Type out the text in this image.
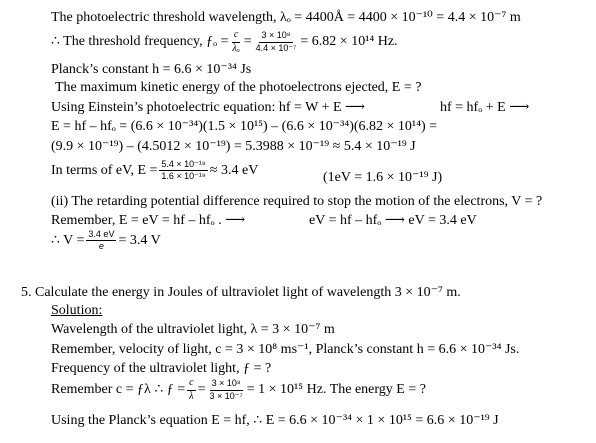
The photoelectric threshold wavelength, λₒ = 4400Å = 4400 × 10⁻¹⁰ = 4.4 × 10⁻⁷ m
∴ The threshold frequency, ƒₒ = $\frac{c}{\text{λₒ}} = \frac{\text{3 × 10⁸}}{\text{4.4 × 10⁻⁷}} = 6.82 \times 10^{14}$ Hz.
Planck’s constant h = 6.6 × 10⁻³⁴ Js
The maximum kinetic energy of the photoelectrons ejected, E = ?
Using Einstein’s photoelectric equation: hf = W + E ⟶	hf = hfₒ + E ⟶
E = hf – hfₒ = (6.6 × 10⁻³⁴)(1.5 × 10¹⁵) – (6.6 × 10⁻³⁴)(6.82 × 10¹⁴) =
(9.9 × 10⁻¹⁹) – (4.5012 × 10⁻¹⁹) = 5.3988 × 10⁻¹⁹ ≈ 5.4 × 10⁻¹⁹ J
In terms of eV, $E = \frac{\text{5.4 × 10⁻¹⁹}}{\text{1.6 × 10⁻¹⁹}} \approx 3.4$ eV	(1eV = 1.6 × 10⁻¹⁹ J)
(ii) The retarding potential difference required to stop the motion of the electrons, V = ?
Remember, E = eV = hf – hfₒ . ⟶	eV = hf – hfₒ ⟶ eV = 3.4 eV
∴ $V = \frac{3.4 eV}{e} = 3.4$ V
5. Calculate the energy in Joules of ultraviolet light of wavelength 3 × 10⁻⁷ m.
Solution:
Wavelength of the ultraviolet light, λ = 3 × 10⁻⁷ m
Remember, velocity of light, c = 3 × 10⁸ ms⁻¹, Planck’s constant h = 6.6 × 10⁻³⁴ Js.
Frequency of the ultraviolet light, ƒ = ?
Remember c = ƒλ ∴ ƒ = $\frac{c}{\lambda} = \frac{\text{3 × 10⁸}}{\text{3 × 10⁻⁷}} = 1 \times 10^{15}$ Hz. The energy E = ?
Using the Planck’s equation E = hf, ∴ E = 6.6 × 10⁻³⁴ × 1 × 10¹⁵ = 6.6 × 10⁻¹⁹ J
